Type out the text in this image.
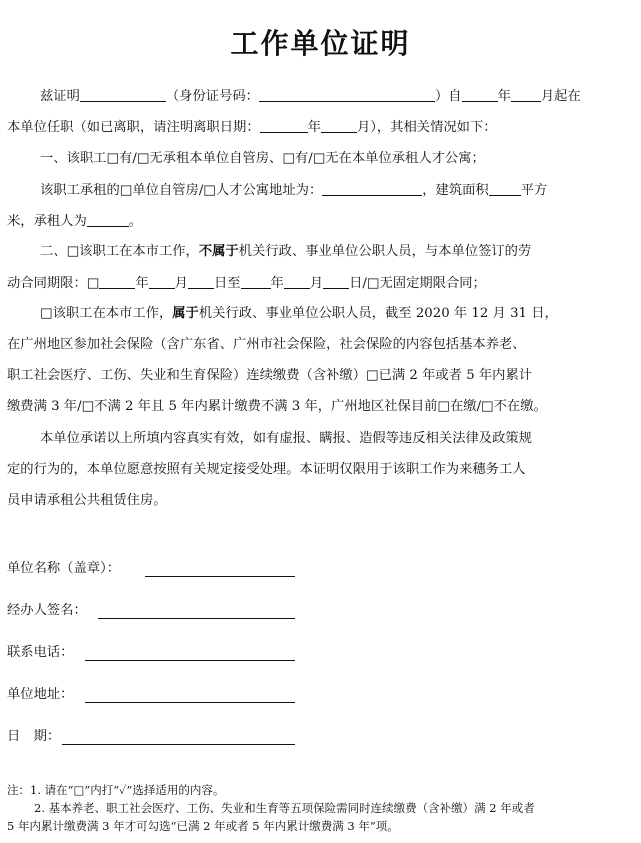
工作单位证明
兹证明	（身份证号码：	）自	年 月起在
本单位任职（如已离职，请注明离职日期：	年	月），其相关情况如下：
一、该职工□有/□无承租本单位自管房、□有/□无在本单位承租人才公寓；
该职工承租的□单位自管房/□人才公寓地址为：	，建筑面积 平方
米，承租人为	。
二、□该职工在本市工作，不属于机关行政、事业单位公职人员，与本单位签订的劳
动合同期限：□	年 月 日至 年 月 日/□无固定期限合同；
□该职工在本市工作，属于机关行政、事业单位公职人员，截至 2020 年 12 月 31 日，
在广州地区参加社会保险（含广东省、广州市社会保险，社会保险的内容包括基本养老、
职工社会医疗、工伤、失业和生育保险）连续缴费（含补缴）□已满 2 年或者 5 年内累计
缴费满 3 年/□不满 2 年且 5 年内累计缴费不满 3 年，广州地区社保目前□在缴/□不在缴。
本单位承诺以上所填内容真实有效，如有虚报、瞒报、造假等违反相关法律及政策规
定的行为的，本单位愿意按照有关规定接受处理。本证明仅限用于该职工作为来穗务工人
员申请承租公共租赁住房。
单位名称（盖章）：
经办人签名：
联系电话：
单位地址：
日　期：
注：1. 请在“□”内打“✓”选择适用的内容。
2. 基本养老、职工社会医疗、工伤、失业和生育等五项保险需同时连续缴费（含补缴）满 2 年或者
5 年内累计缴费满 3 年才可勾选“已满 2 年或者 5 年内累计缴费满 3 年”项。
